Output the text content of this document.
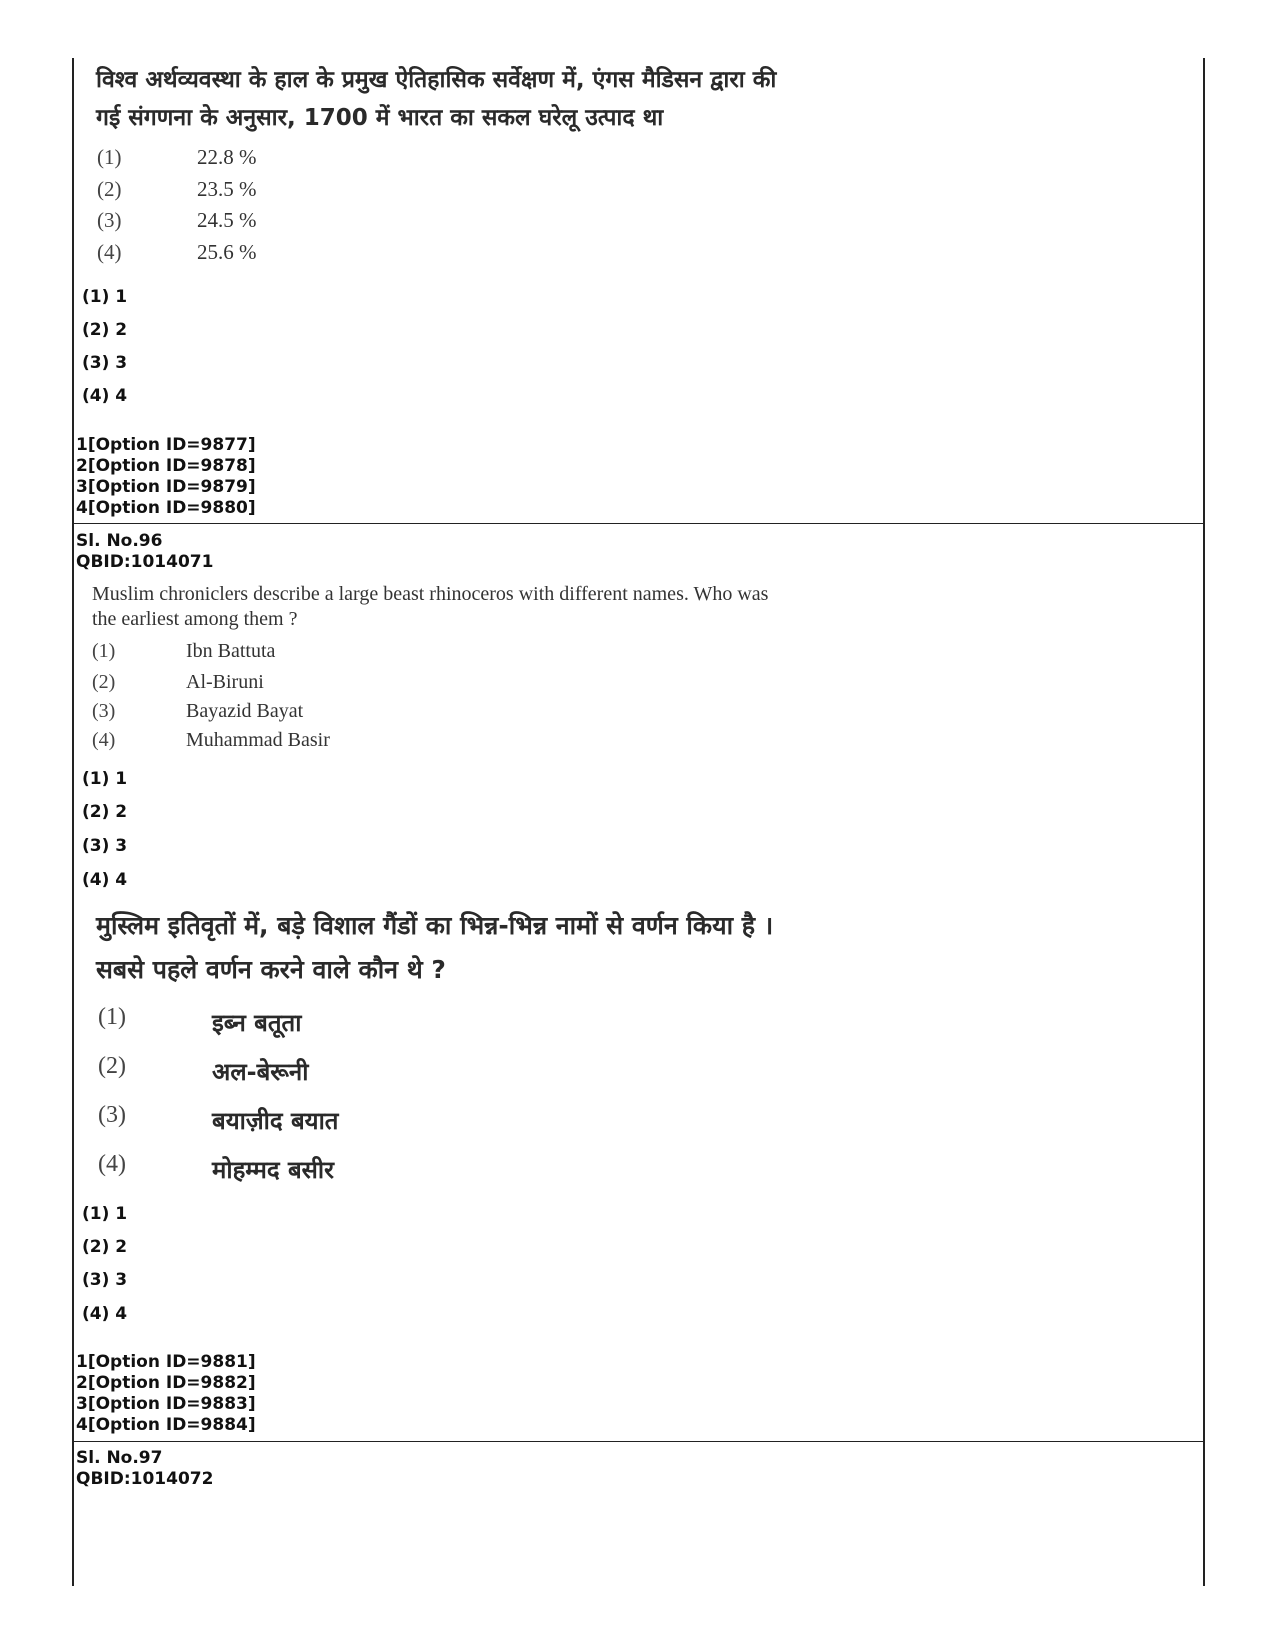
विश्व अर्थव्यवस्था के हाल के प्रमुख ऐतिहासिक सर्वेक्षण में, एंगस मैडिसन द्वारा की
गई संगणना के अनुसार, 1700 में भारत का सकल घरेलू उत्पाद था
(1)	22.8 %
(2)	23.5 %
(3)	24.5 %
(4)	25.6 %
(1) 1
(2) 2
(3) 3
(4) 4
1[Option ID=9877]
2[Option ID=9878]
3[Option ID=9879]
4[Option ID=9880]
Sl. No.96
QBID:1014071
Muslim chroniclers describe a large beast rhinoceros with different names. Who was
the earliest among them ?
(1)	Ibn Battuta
(2)	Al-Biruni
(3)	Bayazid Bayat
(4)	Muhammad Basir
(1) 1
(2) 2
(3) 3
(4) 4
मुस्लिम इतिवृतों में, बड़े विशाल गैंडों का भिन्न-भिन्न नामों से वर्णन किया है ।
सबसे पहले वर्णन करने वाले कौन थे ?
(1)	इब्न बतूता
(2)	अल-बेरूनी
(3)	बयाज़ीद बयात
(4)	मोहम्मद बसीर
(1) 1
(2) 2
(3) 3
(4) 4
1[Option ID=9881]
2[Option ID=9882]
3[Option ID=9883]
4[Option ID=9884]
Sl. No.97
QBID:1014072
